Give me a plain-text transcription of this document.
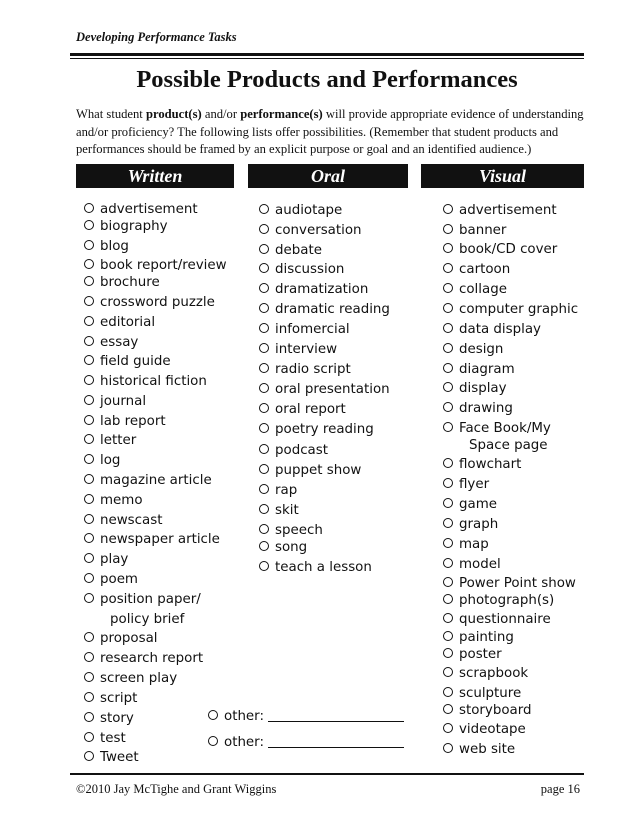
Developing Performance Tasks
Possible Products and Performances

What student product(s) and/or performance(s) will provide appropriate evidence of understanding and/or proficiency? The following lists offer possibilities. (Remember that student products and performances should be framed by an explicit purpose or goal and an identified audience.)

Written	Oral	Visual
advertisement
biography
blog
book report/review
brochure
crossword puzzle
editorial
essay
field guide
historical fiction
journal
lab report
letter
log
magazine article
memo
newscast
newspaper article
play
poem
position paper/
policy brief
proposal
research report
screen play
script
story
test
Tweet
audiotape
conversation
debate
discussion
dramatization
dramatic reading
infomercial
interview
radio script
oral presentation
oral report
poetry reading
podcast
puppet show
rap
skit
speech
song
teach a lesson
advertisement
banner
book/CD cover
cartoon
collage
computer graphic
data display
design
diagram
display
drawing
Face Book/My
Space page
flowchart
flyer
game
graph
map
model
Power Point show
photograph(s)
questionnaire
painting
poster
scrapbook
sculpture
storyboard
videotape
web site
other:
other:
©2010 Jay McTighe and Grant Wiggins	page 16
